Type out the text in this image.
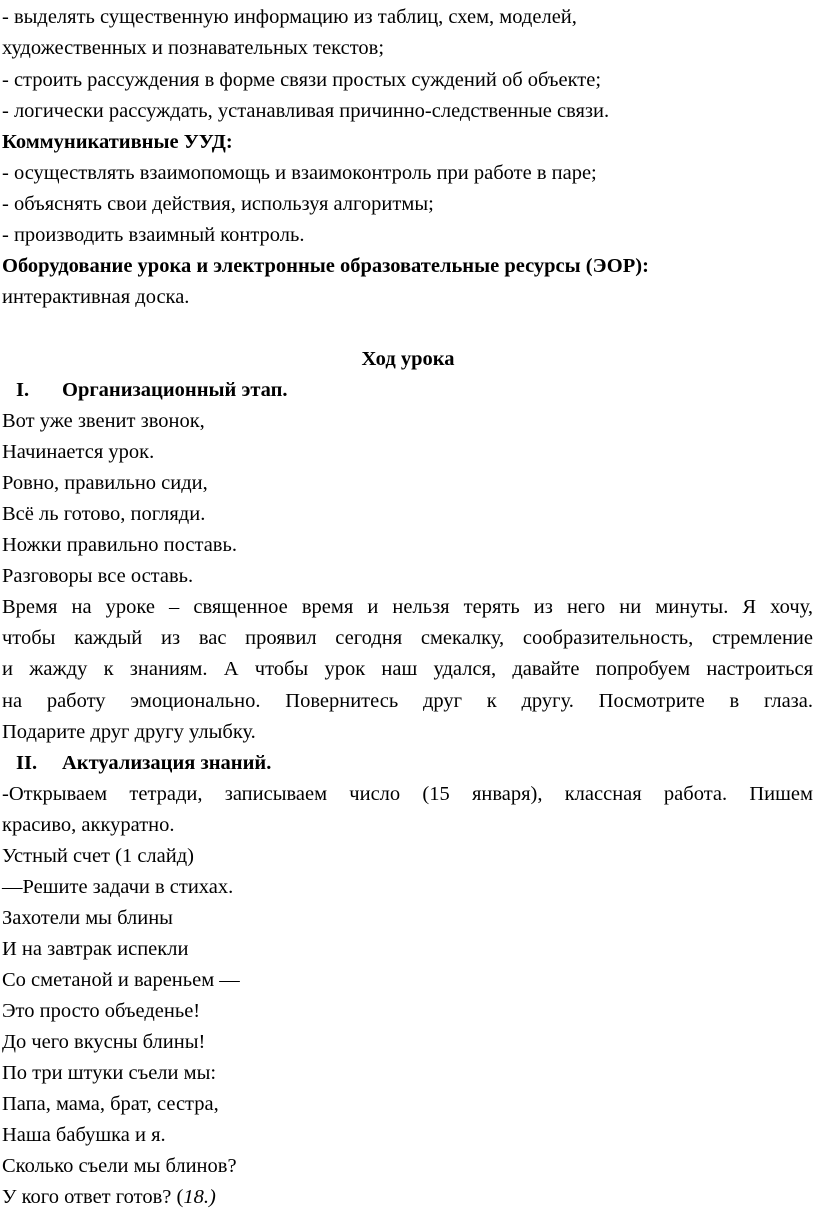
- выделять существенную информацию из таблиц, схем, моделей,
художественных и познавательных текстов;
- строить рассуждения в форме связи простых суждений об объекте;
- логически рассуждать, устанавливая причинно-следственные связи.
Коммуникативные УУД:
- осуществлять взаимопомощь и взаимоконтроль при работе в паре;
- объяснять свои действия, используя алгоритмы;
- производить взаимный контроль.
Оборудование урока и электронные образовательные ресурсы (ЭОР):
интерактивная доска.
Ход урока
I. Организационный этап.
Вот уже звенит звонок,
Начинается урок.
Ровно, правильно сиди,
Всё ль готово, погляди.
Ножки правильно поставь.
Разговоры все оставь.
Время на уроке – священное время и нельзя терять из него ни минуты. Я хочу,
чтобы каждый из вас проявил сегодня смекалку, сообразительность, стремление
и жажду к знаниям. А чтобы урок наш удался, давайте попробуем настроиться
на работу эмоционально. Повернитесь друг к другу. Посмотрите в глаза.
Подарите друг другу улыбку.
II. Актуализация знаний.
-Открываем тетради, записываем число (15 января), классная работа. Пишем
красиво, аккуратно.
Устный счет (1 слайд)
—Решите задачи в стихах.
Захотели мы блины
И на завтрак испекли
Со сметаной и вареньем —
Это просто объеденье!
До чего вкусны блины!
По три штуки съели мы:
Папа, мама, брат, сестра,
Наша бабушка и я.
Сколько съели мы блинов?
У кого ответ готов? (18.)
